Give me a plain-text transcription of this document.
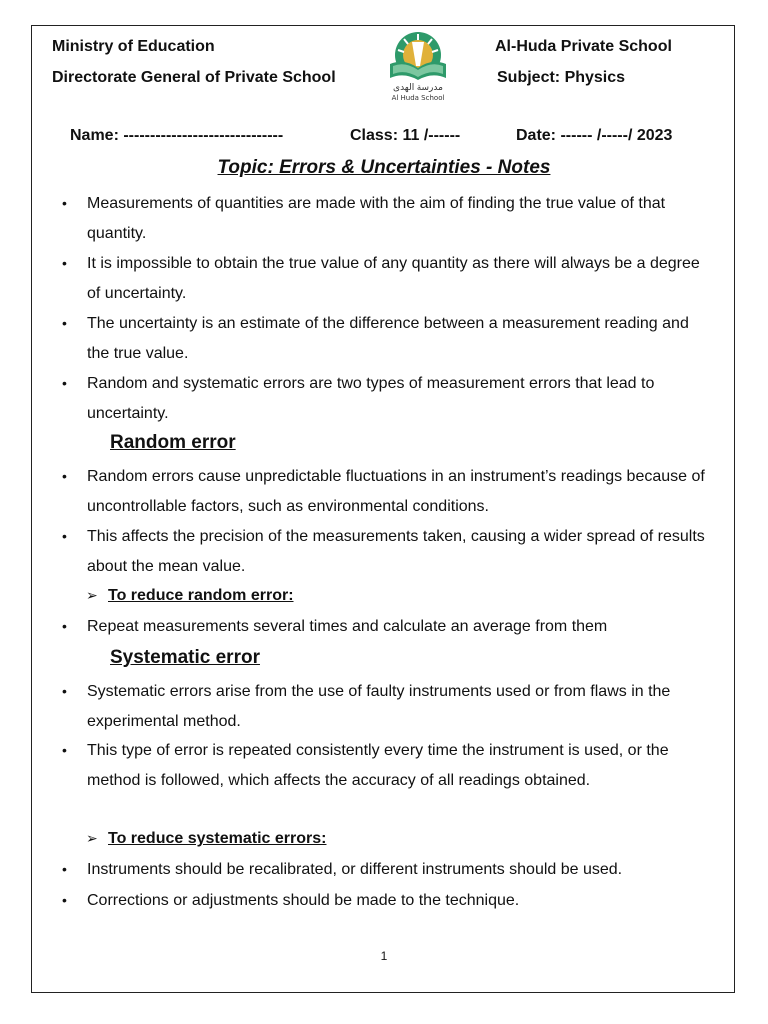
Ministry of Education
Directorate General of Private School
Al-Huda Private School
Subject: Physics
مدرسة الهدى
Al Huda School
Name: ------------------------------	Class: 11 /------	Date: ------ /-----/ 2023
Topic: Errors & Uncertainties - Notes
• Measurements of quantities are made with the aim of finding the true value of that quantity.
• It is impossible to obtain the true value of any quantity as there will always be a degree of uncertainty.
• The uncertainty is an estimate of the difference between a measurement reading and the true value.
• Random and systematic errors are two types of measurement errors that lead to uncertainty.
Random error
• Random errors cause unpredictable fluctuations in an instrument’s readings because of uncontrollable factors, such as environmental conditions.
• This affects the precision of the measurements taken, causing a wider spread of results about the mean value.
➢ To reduce random error:
• Repeat measurements several times and calculate an average from them
Systematic error
• Systematic errors arise from the use of faulty instruments used or from flaws in the experimental method.
• This type of error is repeated consistently every time the instrument is used, or the method is followed, which affects the accuracy of all readings obtained.
➢ To reduce systematic errors:
• Instruments should be recalibrated, or different instruments should be used.
• Corrections or adjustments should be made to the technique.
1
